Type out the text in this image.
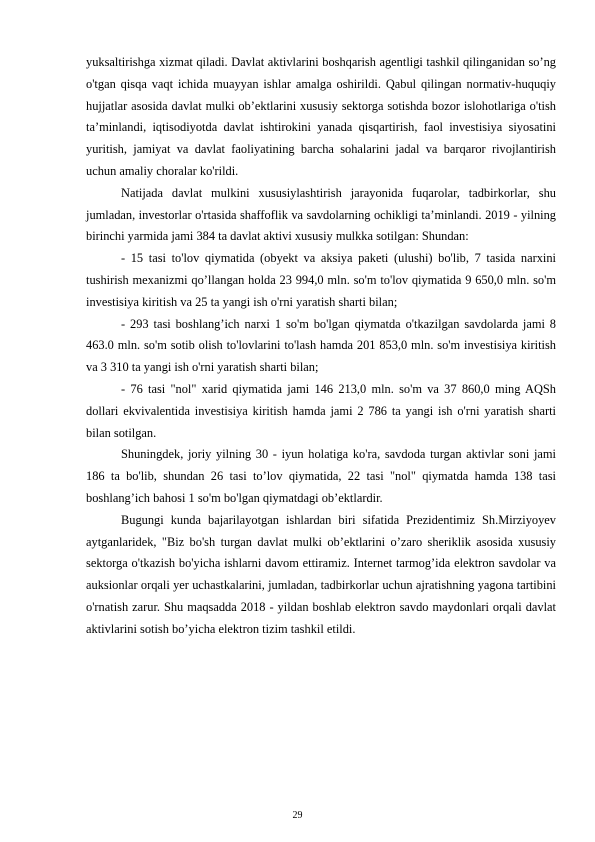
yuksaltirishga xizmat qiladi. Davlat aktivlarini boshqarish agentligi tashkil qilinganidan so’ng o'tgan qisqa vaqt ichida muayyan ishlar amalga oshirildi. Qabul qilingan normativ-huquqiy hujjatlar asosida davlat mulki obʼektlarini xususiy sektorga sotishda bozor islohotlariga o'tish taʼminlandi, iqtisodiyotda davlat ishtirokini yanada qisqartirish, faol investisiya siyosatini yuritish, jamiyat va davlat faoliyatining barcha sohalarini jadal va barqaror rivojlantirish uchun amaliy choralar ko'rildi.

Natijada davlat mulkini xususiylashtirish jarayonida fuqarolar, tadbirkorlar, shu jumladan, investorlar o'rtasida shaffoflik va savdolarning ochikligi taʼminlandi. 2019 - yilning birinchi yarmida jami 384 ta davlat aktivi xususiy mulkka sotilgan: Shundan:

- 15 tasi to'lov qiymatida (obyekt va aksiya paketi (ulushi) bo'lib, 7 tasida narxini tushirish mexanizmi qo’llangan holda 23 994,0 mln. so'm to'lov qiymatida 9 650,0 mln. so'm investisiya kiritish va 25 ta yangi ish o'rni yaratish sharti bilan;

- 293 tasi boshlang’ich narxi 1 so'm bo'lgan qiymatda o'tkazilgan savdolarda jami 8 463.0 mln. so'm sotib olish to'lovlarini to'lash hamda 201 853,0 mln. so'm investisiya kiritish va 3 310 ta yangi ish o'rni yaratish sharti bilan;

- 76 tasi "nol" xarid qiymatida jami 146 213,0 mln. so'm va 37 860,0 ming AQSh dollari ekvivalentida investisiya kiritish hamda jami 2 786 ta yangi ish o'rni yaratish sharti bilan sotilgan.

Shuningdek, joriy yilning 30 - iyun holatiga ko'ra, savdoda turgan aktivlar soni jami 186 ta bo'lib, shundan 26 tasi to’lov qiymatida, 22 tasi "nol" qiymatda hamda 138 tasi boshlang’ich bahosi 1 so'm bo'lgan qiymatdagi obʼektlardir.

Bugungi kunda bajarilayotgan ishlardan biri sifatida Prezidentimiz Sh.Mirziyoyev aytganlaridek, "Biz bo'sh turgan davlat mulki obʼektlarini o’zaro sheriklik asosida xususiy sektorga o'tkazish bo'yicha ishlarni davom ettiramiz. Internet tarmog’ida elektron savdolar va auksionlar orqali yer uchastkalarini, jumladan, tadbirkorlar uchun ajratishning yagona tartibini o'rnatish zarur. Shu maqsadda 2018 - yildan boshlab elektron savdo maydonlari orqali davlat aktivlarini sotish bo’yicha elektron tizim tashkil etildi.

29
